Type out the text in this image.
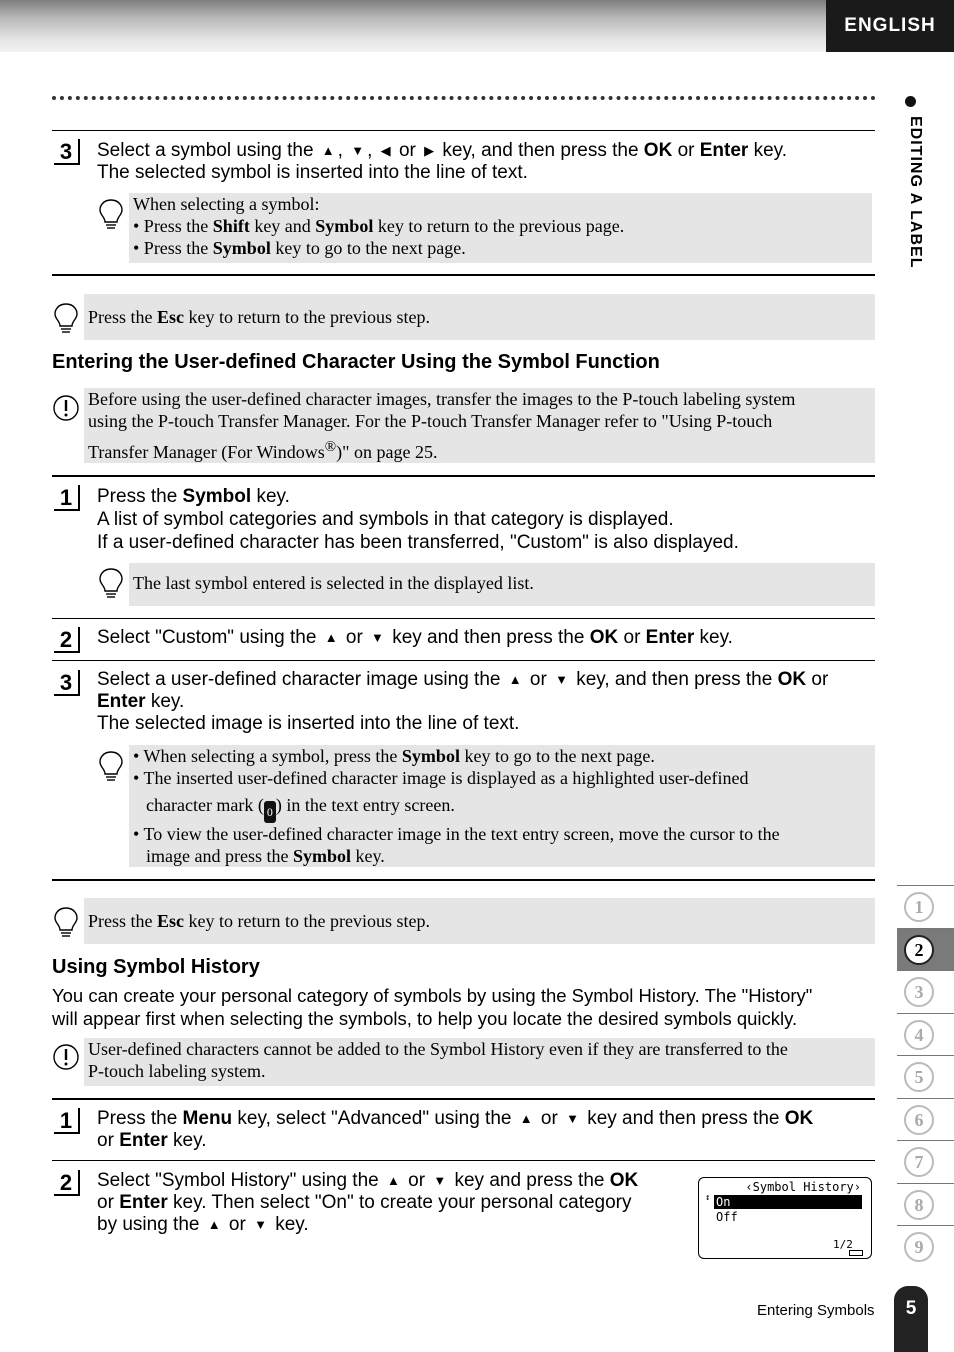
ENGLISH
EDITING A LABEL
3	Select a symbol using the ▲ , ▼ , ◀ or ▶ key, and then press the OK or Enter key.
The selected symbol is inserted into the line of text.
When selecting a symbol:
• Press the Shift key and Symbol key to return to the previous page.
• Press the Symbol key to go to the next page.
Press the Esc key to return to the previous step.
Entering the User-defined Character Using the Symbol Function
Before using the user-defined character images, transfer the images to the P-touch labeling system
using the P-touch Transfer Manager. For the P-touch Transfer Manager refer to "Using P-touch
Transfer Manager (For Windows®)" on page 25.
1	Press the Symbol key.
A list of symbol categories and symbols in that category is displayed.
If a user-defined character has been transferred, "Custom" is also displayed.
The last symbol entered is selected in the displayed list.
2	Select "Custom" using the ▲ or ▼ key and then press the OK or Enter key.
3	Select a user-defined character image using the ▲ or ▼ key, and then press the OK or
Enter key.
The selected image is inserted into the line of text.
• When selecting a symbol, press the Symbol key to go to the next page.
• The inserted user-defined character image is displayed as a highlighted user-defined
character mark ( 0 ) in the text entry screen.
• To view the user-defined character image in the text entry screen, move the cursor to the
image and press the Symbol key.
Press the Esc key to return to the previous step.
Using Symbol History
You can create your personal category of symbols by using the Symbol History. The "History"
will appear first when selecting the symbols, to help you locate the desired symbols quickly.
User-defined characters cannot be added to the Symbol History even if they are transferred to the
P-touch labeling system.
1	Press the Menu key, select "Advanced" using the ▲ or ▼ key and then press the OK
or Enter key.
2	Select "Symbol History" using the ▲ or ▼ key and press the OK
or Enter key. Then select "On" to create your personal category
by using the ▲ or ▼ key.
‹Symbol History›
↕ On
Off
1/2
Entering Symbols	5
1
2
3
4
5
6
7
8
9
